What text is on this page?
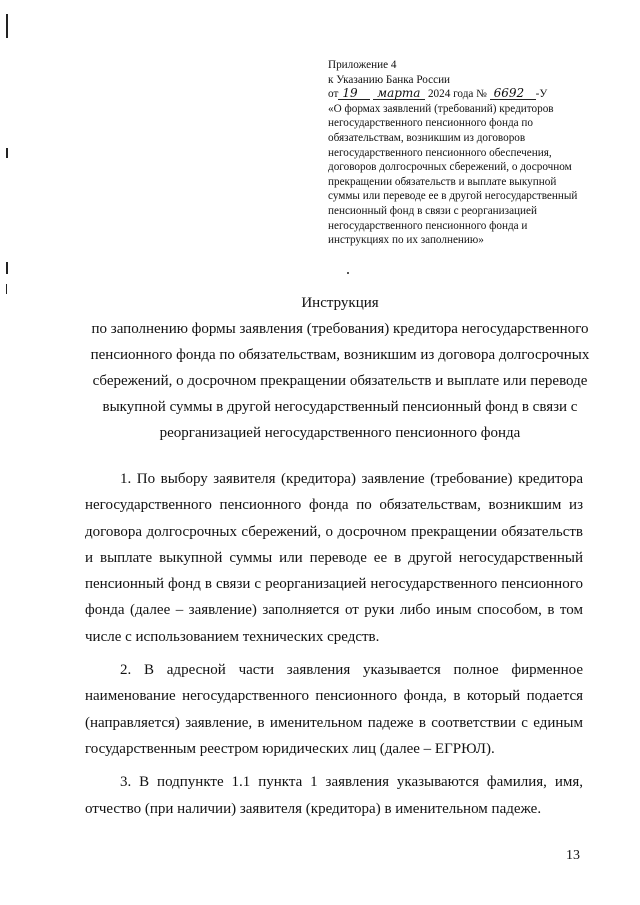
Приложение 4
к Указанию Банка России
от 19 марта 2024 года № 6692 -У
«О формах заявлений (требований) кредиторов негосударственного пенсионного фонда по обязательствам, возникшим из договоров негосударственного пенсионного обеспечения, договоров долгосрочных сбережений, о досрочном прекращении обязательств и выплате выкупной суммы или переводе ее в другой негосударственный пенсионный фонд в связи с реорганизацией негосударственного пенсионного фонда и инструкциях по их заполнению»
Инструкция
по заполнению формы заявления (требования) кредитора негосударственного пенсионного фонда по обязательствам, возникшим из договора долгосрочных сбережений, о досрочном прекращении обязательств и выплате или переводе выкупной суммы в другой негосударственный пенсионный фонд в связи с реорганизацией негосударственного пенсионного фонда

1. По выбору заявителя (кредитора) заявление (требование) кредитора негосударственного пенсионного фонда по обязательствам, возникшим из договора долгосрочных сбережений, о досрочном прекращении обязательств и выплате выкупной суммы или переводе ее в другой негосударственный пенсионный фонд в связи с реорганизацией негосударственного пенсионного фонда (далее – заявление) заполняется от руки либо иным способом, в том числе с использованием технических средств.

2. В адресной части заявления указывается полное фирменное наименование негосударственного пенсионного фонда, в который подается (направляется) заявление, в именительном падеже в соответствии с единым государственным реестром юридических лиц (далее – ЕГРЮЛ).

3. В подпункте 1.1 пункта 1 заявления указываются фамилия, имя, отчество (при наличии) заявителя (кредитора) в именительном падеже.

13
